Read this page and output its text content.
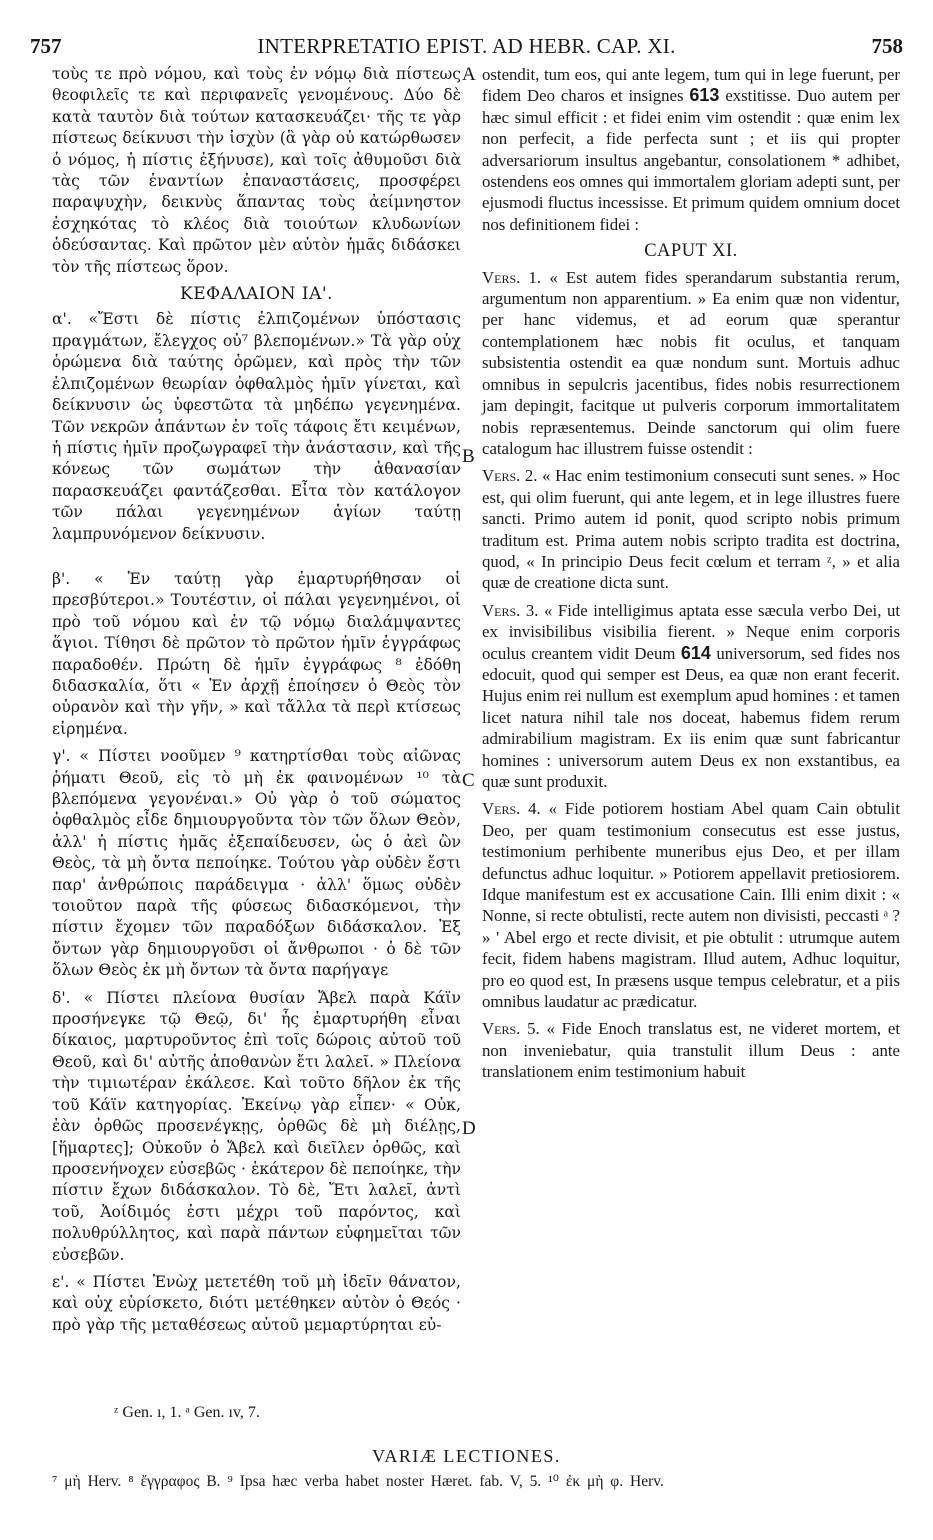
757	INTERPRETATIO EPIST. AD HEBR. CAP. XI.	758

τοὺς τε πρὸ νόμου, καὶ τοὺς ἐν νόμῳ διὰ πίστεως θεοφιλεῖς τε καὶ περιφανεῖς γενομένους. Δύο δὲ κατὰ ταυτὸν διὰ τούτων κατασκευάζει· τῆς τε γὰρ πίστεως δείκνυσι τὴν ἰσχὺν (ἃ γὰρ οὐ κατώρθωσεν ὁ νόμος, ἡ πίστις ἐξήνυσε), καὶ τοῖς ἀθυμοῦσι διὰ τὰς τῶν ἐναντίων ἐπαναστάσεις, προσφέρει παραψυχὴν, δεικνὺς ἅπαντας τοὺς ἀείμνηστον ἐσχηκότας τὸ κλέος διὰ τοιούτων κλυδωνίων ὁδεύσαντας. Καὶ πρῶτον μὲν αὐτὸν ἡμᾶς διδάσκει τὸν τῆς πίστεως ὅρον.

ΚΕΦΑΛΑΙΟΝ ΙΑ'.

α'. «Ἔστι δὲ πίστις ἐλπιζομένων ὑπόστασις πραγμάτων, ἔλεγχος οὐ⁷ βλεπομένων.» Τὰ γὰρ οὐχ ὁρώμενα διὰ ταύτης ὁρῶμεν, καὶ πρὸς τὴν τῶν ἐλπιζομένων θεωρίαν ὀφθαλμὸς ἡμῖν γίνεται, καὶ δείκνυσιν ὡς ὑφεστῶτα τὰ μηδέπω γεγενημένα. Τῶν νεκρῶν ἁπάντων ἐν τοῖς τάφοις ἔτι κειμένων, ἡ πίστις ἡμῖν προζωγραφεῖ τὴν ἀνάστασιν, καὶ τῆς κόνεως τῶν σωμάτων τὴν ἀθανασίαν παρασκευάζει φαντάζεσθαι. Εἶτα τὸν κατάλογον τῶν πάλαι γεγενημένων ἁγίων ταύτῃ λαμπρυνόμενον δείκνυσιν.

β'. « Ἐν ταύτῃ γὰρ ἐμαρτυρήθησαν οἱ πρεσβύτεροι.» Τουτέστιν, οἱ πάλαι γεγενημένοι, οἱ πρὸ τοῦ νόμου καὶ ἐν τῷ νόμῳ διαλάμψαντες ἅγιοι. Τίθησι δὲ πρῶτον τὸ πρῶτον ἡμῖν ἐγγράφως παραδοθέν. Πρώτη δὲ ἡμῖν ἐγγράφως ⁸ ἐδόθη διδασκαλία, ὅτι « Ἐν ἀρχῇ ἐποίησεν ὁ Θεὸς τὸν οὐρανὸν καὶ τὴν γῆν, » καὶ τἄλλα τὰ περὶ κτίσεως εἰρημένα.

γ'. « Πίστει νοοῦμεν ⁹ κατηρτίσθαι τοὺς αἰῶνας ῥήματι Θεοῦ, εἰς τὸ μὴ ἐκ φαινομένων ¹⁰ τὰ βλεπόμενα γεγονέναι.» Οὐ γὰρ ὁ τοῦ σώματος ὀφθαλμὸς εἶδε δημιουργοῦντα τὸν τῶν ὅλων Θεὸν, ἀλλ' ἡ πίστις ἡμᾶς ἐξεπαίδευσεν, ὡς ὁ ἀεὶ ὢν Θεὸς, τὰ μὴ ὄντα πεποίηκε. Τούτου γὰρ οὐδὲν ἔστι παρ' ἀνθρώποις παράδειγμα · ἀλλ' ὅμως οὐδὲν τοιοῦτον παρὰ τῆς φύσεως διδασκόμενοι, τὴν πίστιν ἔχομεν τῶν παραδόξων διδάσκαλον. Ἐξ ὄντων γὰρ δημιουργοῦσι οἱ ἄνθρωποι · ὁ δὲ τῶν ὅλων Θεὸς ἐκ μὴ ὄντων τὰ ὄντα παρήγαγε

δ'. « Πίστει πλείονα θυσίαν Ἄβελ παρὰ Κάϊν προσήνεγκε τῷ Θεῷ, δι' ἧς ἐμαρτυρήθη εἶναι δίκαιος, μαρτυροῦντος ἐπὶ τοῖς δώροις αὐτοῦ τοῦ Θεοῦ, καὶ δι' αὐτῆς ἀποθανὼν ἔτι λαλεῖ. » Πλείονα τὴν τιμιωτέραν ἐκάλεσε. Καὶ τοῦτο δῆλον ἐκ τῆς τοῦ Κάϊν κατηγορίας. Ἐκείνῳ γὰρ εἶπεν· « Οὐκ, ἐὰν ὀρθῶς προσενέγκῃς, ὀρθῶς δὲ μὴ διέλῃς, [ἥμαρτες]; Οὐκοῦν ὁ Ἄβελ καὶ διεῖλεν ὀρθῶς, καὶ προσενήνοχεν εὐσεβῶς · ἑκάτερον δὲ πεποίηκε, τὴν πίστιν ἔχων διδάσκαλον. Τὸ δὲ, Ἔτι λαλεῖ, ἀντὶ τοῦ, Ἀοίδιμός ἐστι μέχρι τοῦ παρόντος, καὶ πολυθρύλλητος, καὶ παρὰ πάντων εὐφημεῖται τῶν εὐσεβῶν.

ε'. « Πίστει Ἐνὼχ μετετέθη τοῦ μὴ ἰδεῖν θάνατον, καὶ οὐχ εὑρίσκετο, διότι μετέθηκεν αὐτὸν ὁ Θεός · πρὸ γὰρ τῆς μεταθέσεως αὐτοῦ μεμαρτύρηται εὐ-

A
B
C
D

ostendit, tum eos, qui ante legem, tum qui in lege fuerunt, per fidem Deo charos et insignes 613 exstitisse. Duo autem per hæc simul efficit : et fidei enim vim ostendit : quæ enim lex non perfecit, a fide perfecta sunt ; et iis qui propter adversariorum insultus angebantur, consolationem * adhibet, ostendens eos omnes qui immortalem gloriam adepti sunt, per ejusmodi fluctus incessisse. Et primum quidem omnium docet nos definitionem fidei :

CAPUT XI.

Vers. 1. « Est autem fides sperandarum substantia rerum, argumentum non apparentium. » Ea enim quæ non videntur, per hanc videmus, et ad eorum quæ sperantur contemplationem hæc nobis fit oculus, et tanquam subsistentia ostendit ea quæ nondum sunt. Mortuis adhuc omnibus in sepulcris jacentibus, fides nobis resurrectionem jam depingit, facitque ut pulveris corporum immortalitatem nobis repræsentemus. Deinde sanctorum qui olim fuere catalogum hac illustrem fuisse ostendit :

Vers. 2. « Hac enim testimonium consecuti sunt senes. » Hoc est, qui olim fuerunt, qui ante legem, et in lege illustres fuere sancti. Primo autem id ponit, quod scripto nobis primum traditum est. Prima autem nobis scripto tradita est doctrina, quod, « In principio Deus fecit cœlum et terram ᶻ, » et alia quæ de creatione dicta sunt.

Vers. 3. « Fide intelligimus aptata esse sæcula verbo Dei, ut ex invisibilibus visibilia fierent. » Neque enim corporis oculus creantem vidit Deum 614 universorum, sed fides nos edocuit, quod qui semper est Deus, ea quæ non erant fecerit. Hujus enim rei nullum est exemplum apud homines : et tamen licet natura nihil tale nos doceat, habemus fidem rerum admirabilium magistram. Ex iis enim quæ sunt fabricantur homines : universorum autem Deus ex non exstantibus, ea quæ sunt produxit.

Vers. 4. « Fide potiorem hostiam Abel quam Cain obtulit Deo, per quam testimonium consecutus est esse justus, testimonium perhibente muneribus ejus Deo, et per illam defunctus adhuc loquitur. » Potiorem appellavit pretiosiorem. Idque manifestum est ex accusatione Cain. Illi enim dixit : « Nonne, si recte obtulisti, recte autem non divisisti, peccasti ᵃ ? » ' Abel ergo et recte divisit, et pie obtulit : utrumque autem fecit, fidem habens magistram. Illud autem, Adhuc loquitur, pro eo quod est, In præsens usque tempus celebratur, et a piis omnibus laudatur ac prædicatur.

Vers. 5. « Fide Enoch translatus est, ne videret mortem, et non inveniebatur, quia transtulit illum Deus : ante translationem enim testimonium habuit

ᶻ Gen. ı, 1. ᵃ Gen. ıv, 7.
VARIÆ LECTIONES.
⁷ μὴ Herv. ⁸ ἔγγραφος B. ⁹ Ipsa hæc verba habet noster Hæret. fab. V, 5. ¹⁰ ἐκ μὴ φ. Herv.
